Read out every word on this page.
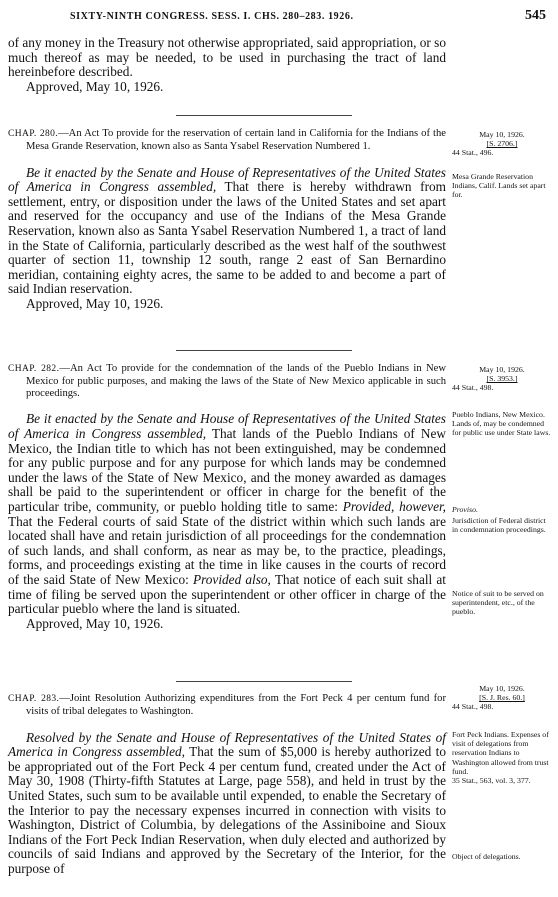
SIXTY-NINTH CONGRESS. SESS. I. CHS. 280–283. 1926.	545

of any money in the Treasury not otherwise appropriated, said appropriation, or so much thereof as may be needed, to be used in purchasing the tract of land hereinbefore described.

Approved, May 10, 1926.

CHAP. 280.—An Act To provide for the reservation of certain land in California for the Indians of the Mesa Grande Reservation, known also as Santa Ysabel Reservation Numbered 1.

Be it enacted by the Senate and House of Representatives of the United States of America in Congress assembled, That there is hereby withdrawn from settlement, entry, or disposition under the laws of the United States and set apart and reserved for the occupancy and use of the Indians of the Mesa Grande Reservation, known also as Santa Ysabel Reservation Numbered 1, a tract of land in the State of California, particularly described as the west half of the southwest quarter of section 11, township 12 south, range 2 east of San Bernardino meridian, containing eighty acres, the same to be added to and become a part of said Indian reservation.

Approved, May 10, 1926.

May 10, 1926.
[S. 2706.]
44 Stat., 496.
Mesa Grande Reservation Indians, Calif. Lands set apart for.

CHAP. 282.—An Act To provide for the condemnation of the lands of the Pueblo Indians in New Mexico for public purposes, and making the laws of the State of New Mexico applicable in such proceedings.

Be it enacted by the Senate and House of Representatives of the United States of America in Congress assembled, That lands of the Pueblo Indians of New Mexico, the Indian title to which has not been extinguished, may be condemned for any public purpose and for any purpose for which lands may be condemned under the laws of the State of New Mexico, and the money awarded as damages shall be paid to the superintendent or officer in charge for the benefit of the particular tribe, community, or pueblo holding title to same: Provided, however, That the Federal courts of said State of the district within which such lands are located shall have and retain jurisdiction of all proceedings for the condemnation of such lands, and shall conform, as near as may be, to the practice, pleadings, forms, and proceedings existing at the time in like causes in the courts of record of the said State of New Mexico: Provided also, That notice of each suit shall at time of filing be served upon the superintendent or other officer in charge of the particular pueblo where the land is situated.

Approved, May 10, 1926.

May 10, 1926.
[S. 3953.]
44 Stat., 498.
Pueblo Indians, New Mexico. Lands of, may be condemned for public use under State laws.
Proviso.
Jurisdiction of Federal district in condemnation proceedings.
Notice of suit to be served on superintendent, etc., of the pueblo.

CHAP. 283.—Joint Resolution Authorizing expenditures from the Fort Peck 4 per centum fund for visits of tribal delegates to Washington.

Resolved by the Senate and House of Representatives of the United States of America in Congress assembled, That the sum of $5,000 is hereby authorized to be appropriated out of the Fort Peck 4 per centum fund, created under the Act of May 30, 1908 (Thirty-fifth Statutes at Large, page 558), and held in trust by the United States, such sum to be available until expended, to enable the Secretary of the Interior to pay the necessary expenses incurred in connection with visits to Washington, District of Columbia, by delegations of the Assiniboine and Sioux Indians of the Fort Peck Indian Reservation, when duly elected and authorized by councils of said Indians and approved by the Secretary of the Interior, for the purpose of

May 10, 1926.
[S. J. Res. 60.]
44 Stat., 498.
Fort Peck Indians. Expenses of visit of delegations from reservation Indians to Washington allowed from trust fund.
35 Stat., 563, vol. 3, 377.
Object of delegations.
